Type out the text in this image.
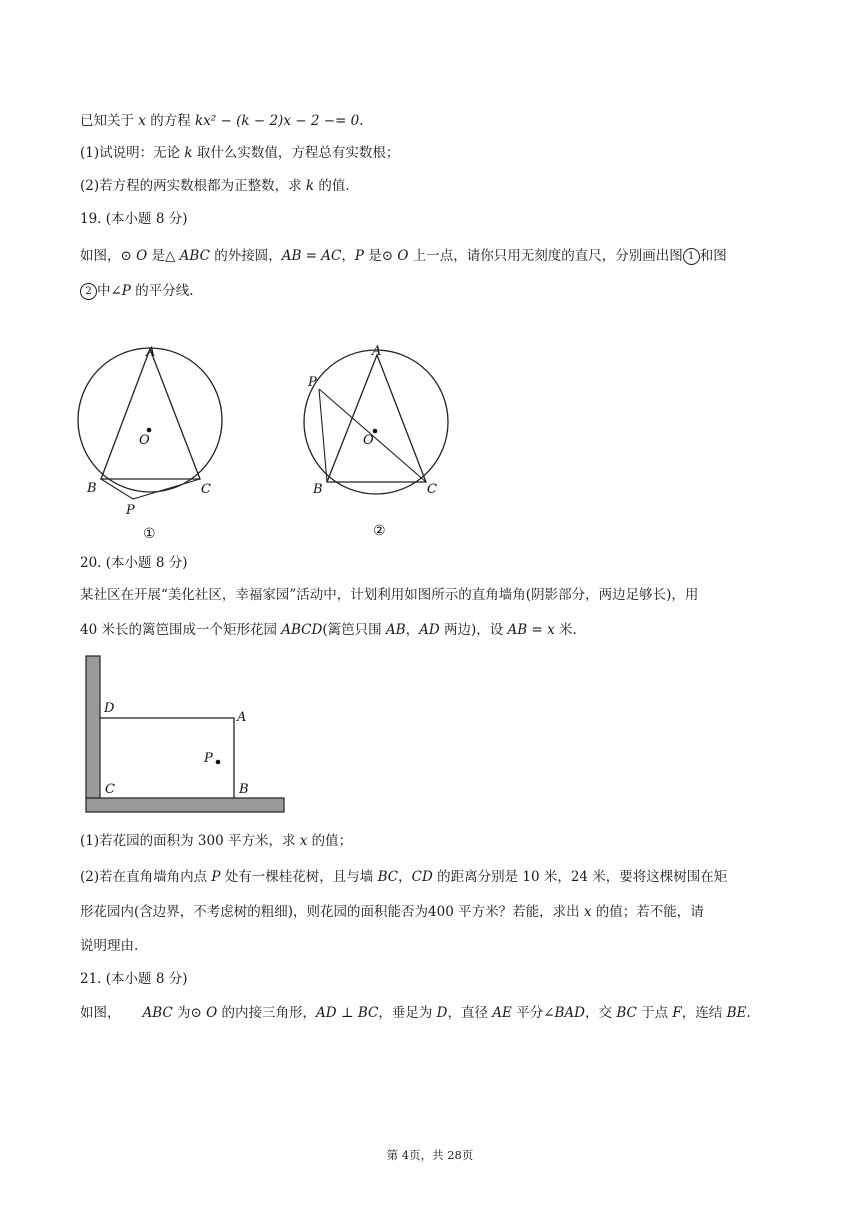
已知关于 x 的方程 kx² − (k − 2)x − 2 −= 0.
(1)试说明：无论 k 取什么实数值，方程总有实数根；
(2)若方程的两实数根都为正整数，求 k 的值.
19. (本小题 8 分)
如图，⊙ O 是△ ABC 的外接圆，AB = AC，P 是⊙ O 上一点，请你只用无刻度的直尺，分别画出图 1 和图
2 中∠P 的平分线.
A
O
B	C
P
①
A
P
O
B	C
②
20. (本小题 8 分)
某社区在开展“美化社区，幸福家园”活动中，计划利用如图所示的直角墙角(阴影部分，两边足够长)，用
40 米长的篱笆围成一个矩形花园 ABCD(篱笆只围 AB，AD 两边)，设 AB = x 米.
D
A
P
C	B
(1)若花园的面积为 300 平方米，求 x 的值；
(2)若在直角墙角内点 P 处有一棵桂花树，且与墙 BC，CD 的距离分别是 10 米，24 米，要将这棵树围在矩
形花园内(含边界，不考虑树的粗细)，则花园的面积能否为400 平方米？若能，求出 x 的值；若不能，请
说明理由.
21. (本小题 8 分)
如图， ABC 为⊙ O 的内接三角形，AD ⊥ BC，垂足为 D，直径 AE 平分∠BAD，交 BC 于点 F，连结 BE.
第 4页，共 28页
